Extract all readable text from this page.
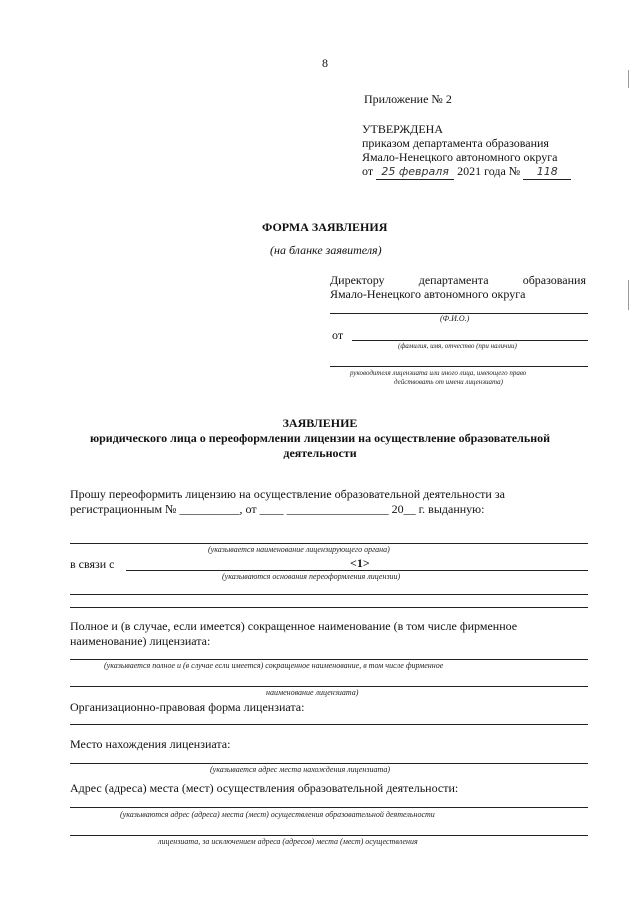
8
Приложение № 2
УТВЕРЖДЕНА
приказом департамента образования
Ямало-Ненецкого автономного округа
от 25 февраля 2021 года № 118
ФОРМА ЗАЯВЛЕНИЯ
(на бланке заявителя)
Директору	департамента	образования
Ямало-Ненецкого автономного округа
(Ф.И.О.)
от
(фамилия, имя, отчество (при наличии)
руководителя лицензиата или иного лица, имеющего право
действовать от имени лицензиата)
ЗАЯВЛЕНИЕ
юридического лица о переоформлении лицензии на осуществление образовательной
деятельности
Прошу переоформить лицензию на осуществление образовательной деятельности за
регистрационным № __________, от ____ _________________ 20__ г. выданную:
(указывается наименование лицензирующего органа)
в связи с	<1>
(указываются основания переоформления лицензии)
Полное и (в случае, если имеется) сокращенное наименование (в том числе фирменное
наименование) лицензиата:
(указывается полное и (в случае если имеется) сокращенное наименование, в том числе фирменное
наименование лицензиата)
Организационно-правовая форма лицензиата:
Место нахождения лицензиата:
(указывается адрес места нахождения лицензиата)
Адрес (адреса) места (мест) осуществления образовательной деятельности:
(указываются адрес (адреса) места (мест) осуществления образовательной деятельности
лицензиата, за исключением адреса (адресов) места (мест) осуществления
